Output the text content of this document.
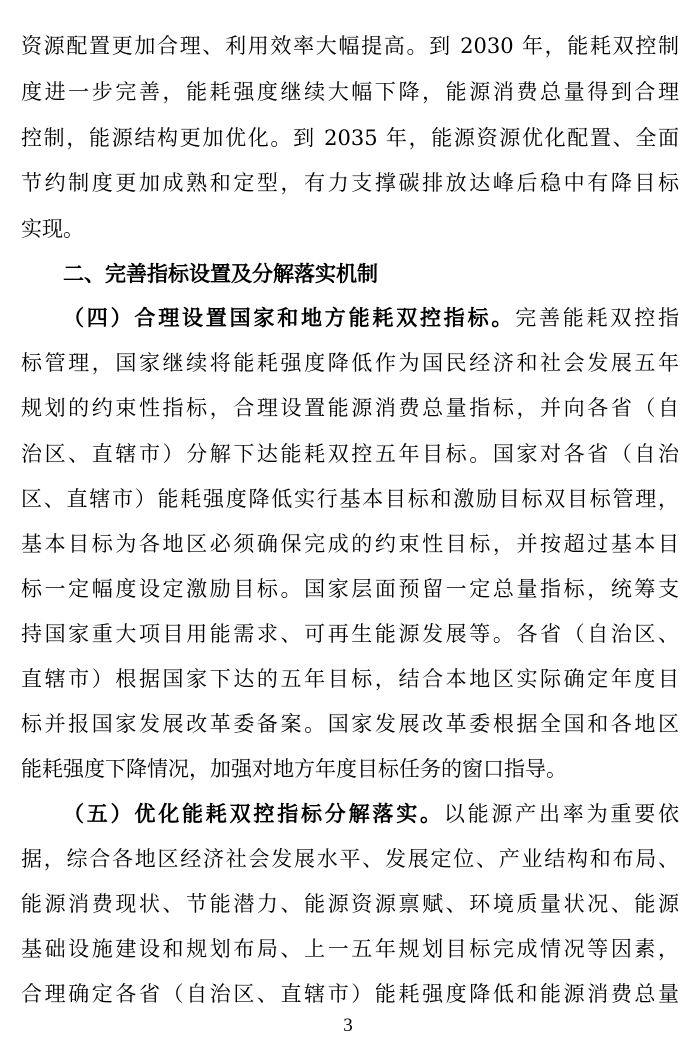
资源配置更加合理、利用效率大幅提高。到 2030 年，能耗双控制
度进一步完善，能耗强度继续大幅下降，能源消费总量得到合理
控制，能源结构更加优化。到 2035 年，能源资源优化配置、全面
节约制度更加成熟和定型，有力支撑碳排放达峰后稳中有降目标
实现。
二、完善指标设置及分解落实机制
（四）合理设置国家和地方能耗双控指标。完善能耗双控指
标管理，国家继续将能耗强度降低作为国民经济和社会发展五年
规划的约束性指标，合理设置能源消费总量指标，并向各省（自
治区、直辖市）分解下达能耗双控五年目标。国家对各省（自治
区、直辖市）能耗强度降低实行基本目标和激励目标双目标管理，
基本目标为各地区必须确保完成的约束性目标，并按超过基本目
标一定幅度设定激励目标。国家层面预留一定总量指标，统筹支
持国家重大项目用能需求、可再生能源发展等。各省（自治区、
直辖市）根据国家下达的五年目标，结合本地区实际确定年度目
标并报国家发展改革委备案。国家发展改革委根据全国和各地区
能耗强度下降情况，加强对地方年度目标任务的窗口指导。
（五）优化能耗双控指标分解落实。以能源产出率为重要依
据，综合各地区经济社会发展水平、发展定位、产业结构和布局、
能源消费现状、节能潜力、能源资源禀赋、环境质量状况、能源
基础设施建设和规划布局、上一五年规划目标完成情况等因素，
合理确定各省（自治区、直辖市）能耗强度降低和能源消费总量
3
